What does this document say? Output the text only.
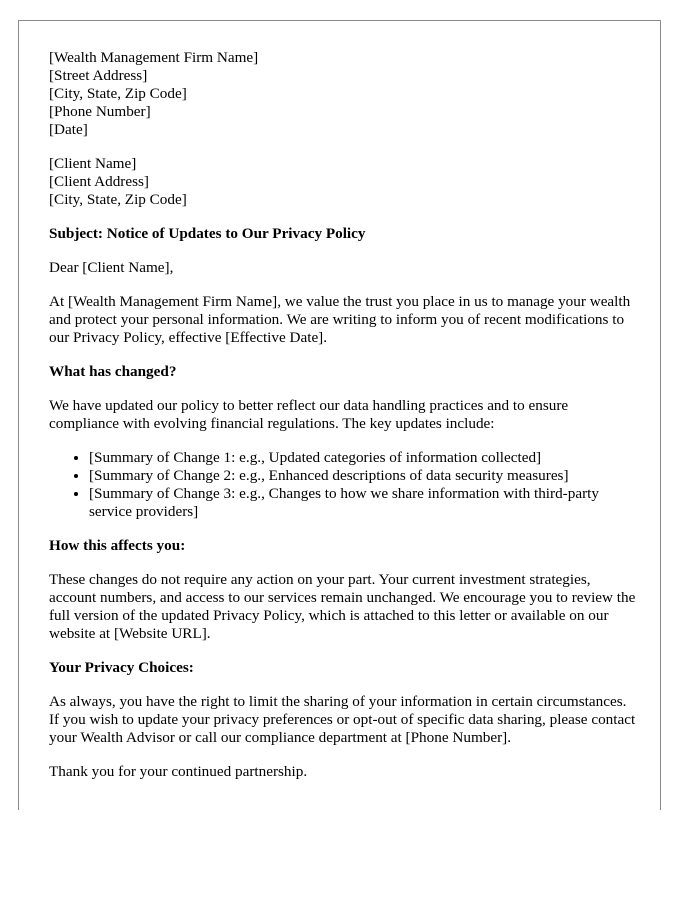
[Wealth Management Firm Name]
[Street Address]
[City, State, Zip Code]
[Phone Number]
[Date]
[Client Name]
[Client Address]
[City, State, Zip Code]
Subject: Notice of Updates to Our Privacy Policy

Dear [Client Name],

At [Wealth Management Firm Name], we value the trust you place in us to manage your wealth and protect your personal information. We are writing to inform you of recent modifications to our Privacy Policy, effective [Effective Date].

What has changed?

We have updated our policy to better reflect our data handling practices and to ensure compliance with evolving financial regulations. The key updates include:

• [Summary of Change 1: e.g., Updated categories of information collected]
• [Summary of Change 2: e.g., Enhanced descriptions of data security measures]
• [Summary of Change 3: e.g., Changes to how we share information with third-party service providers]
How this affects you:

These changes do not require any action on your part. Your current investment strategies, account numbers, and access to our services remain unchanged. We encourage you to review the full version of the updated Privacy Policy, which is attached to this letter or available on our website at [Website URL].

Your Privacy Choices:

As always, you have the right to limit the sharing of your information in certain circumstances. If you wish to update your privacy preferences or opt-out of specific data sharing, please contact your Wealth Advisor or call our compliance department at [Phone Number].

Thank you for your continued partnership.
